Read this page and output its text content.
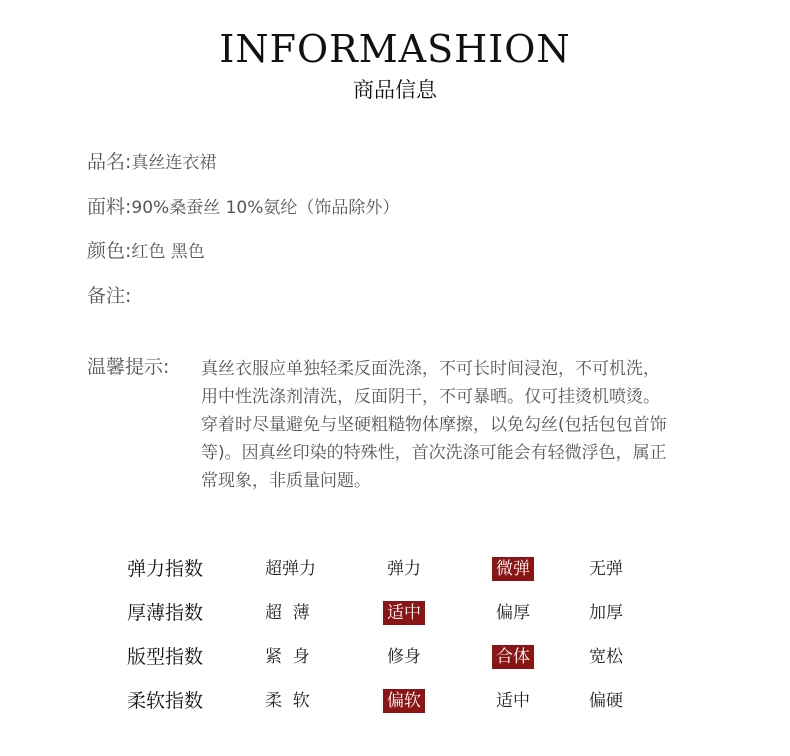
INFORMASHION
商品信息
品名:真丝连衣裙
面料:90%桑蚕丝 10%氨纶（饰品除外）
颜色:红色 黑色
备注:
温馨提示: 真丝衣服应单独轻柔反面洗涤，不可长时间浸泡，不可机洗，
用中性洗涤剂清洗，反面阴干，不可暴晒。仅可挂烫机喷烫。
穿着时尽量避免与坚硬粗糙物体摩擦，以免勾丝(包括包包首饰
等)。因真丝印染的特殊性，首次洗涤可能会有轻微浮色，属正
常现象，非质量问题。
弹力指数	超弹力	弹力	微弹	无弹
厚薄指数	超  薄	适中	偏厚	加厚
版型指数	紧  身	修身	合体	宽松
柔软指数	柔  软	偏软	适中	偏硬
